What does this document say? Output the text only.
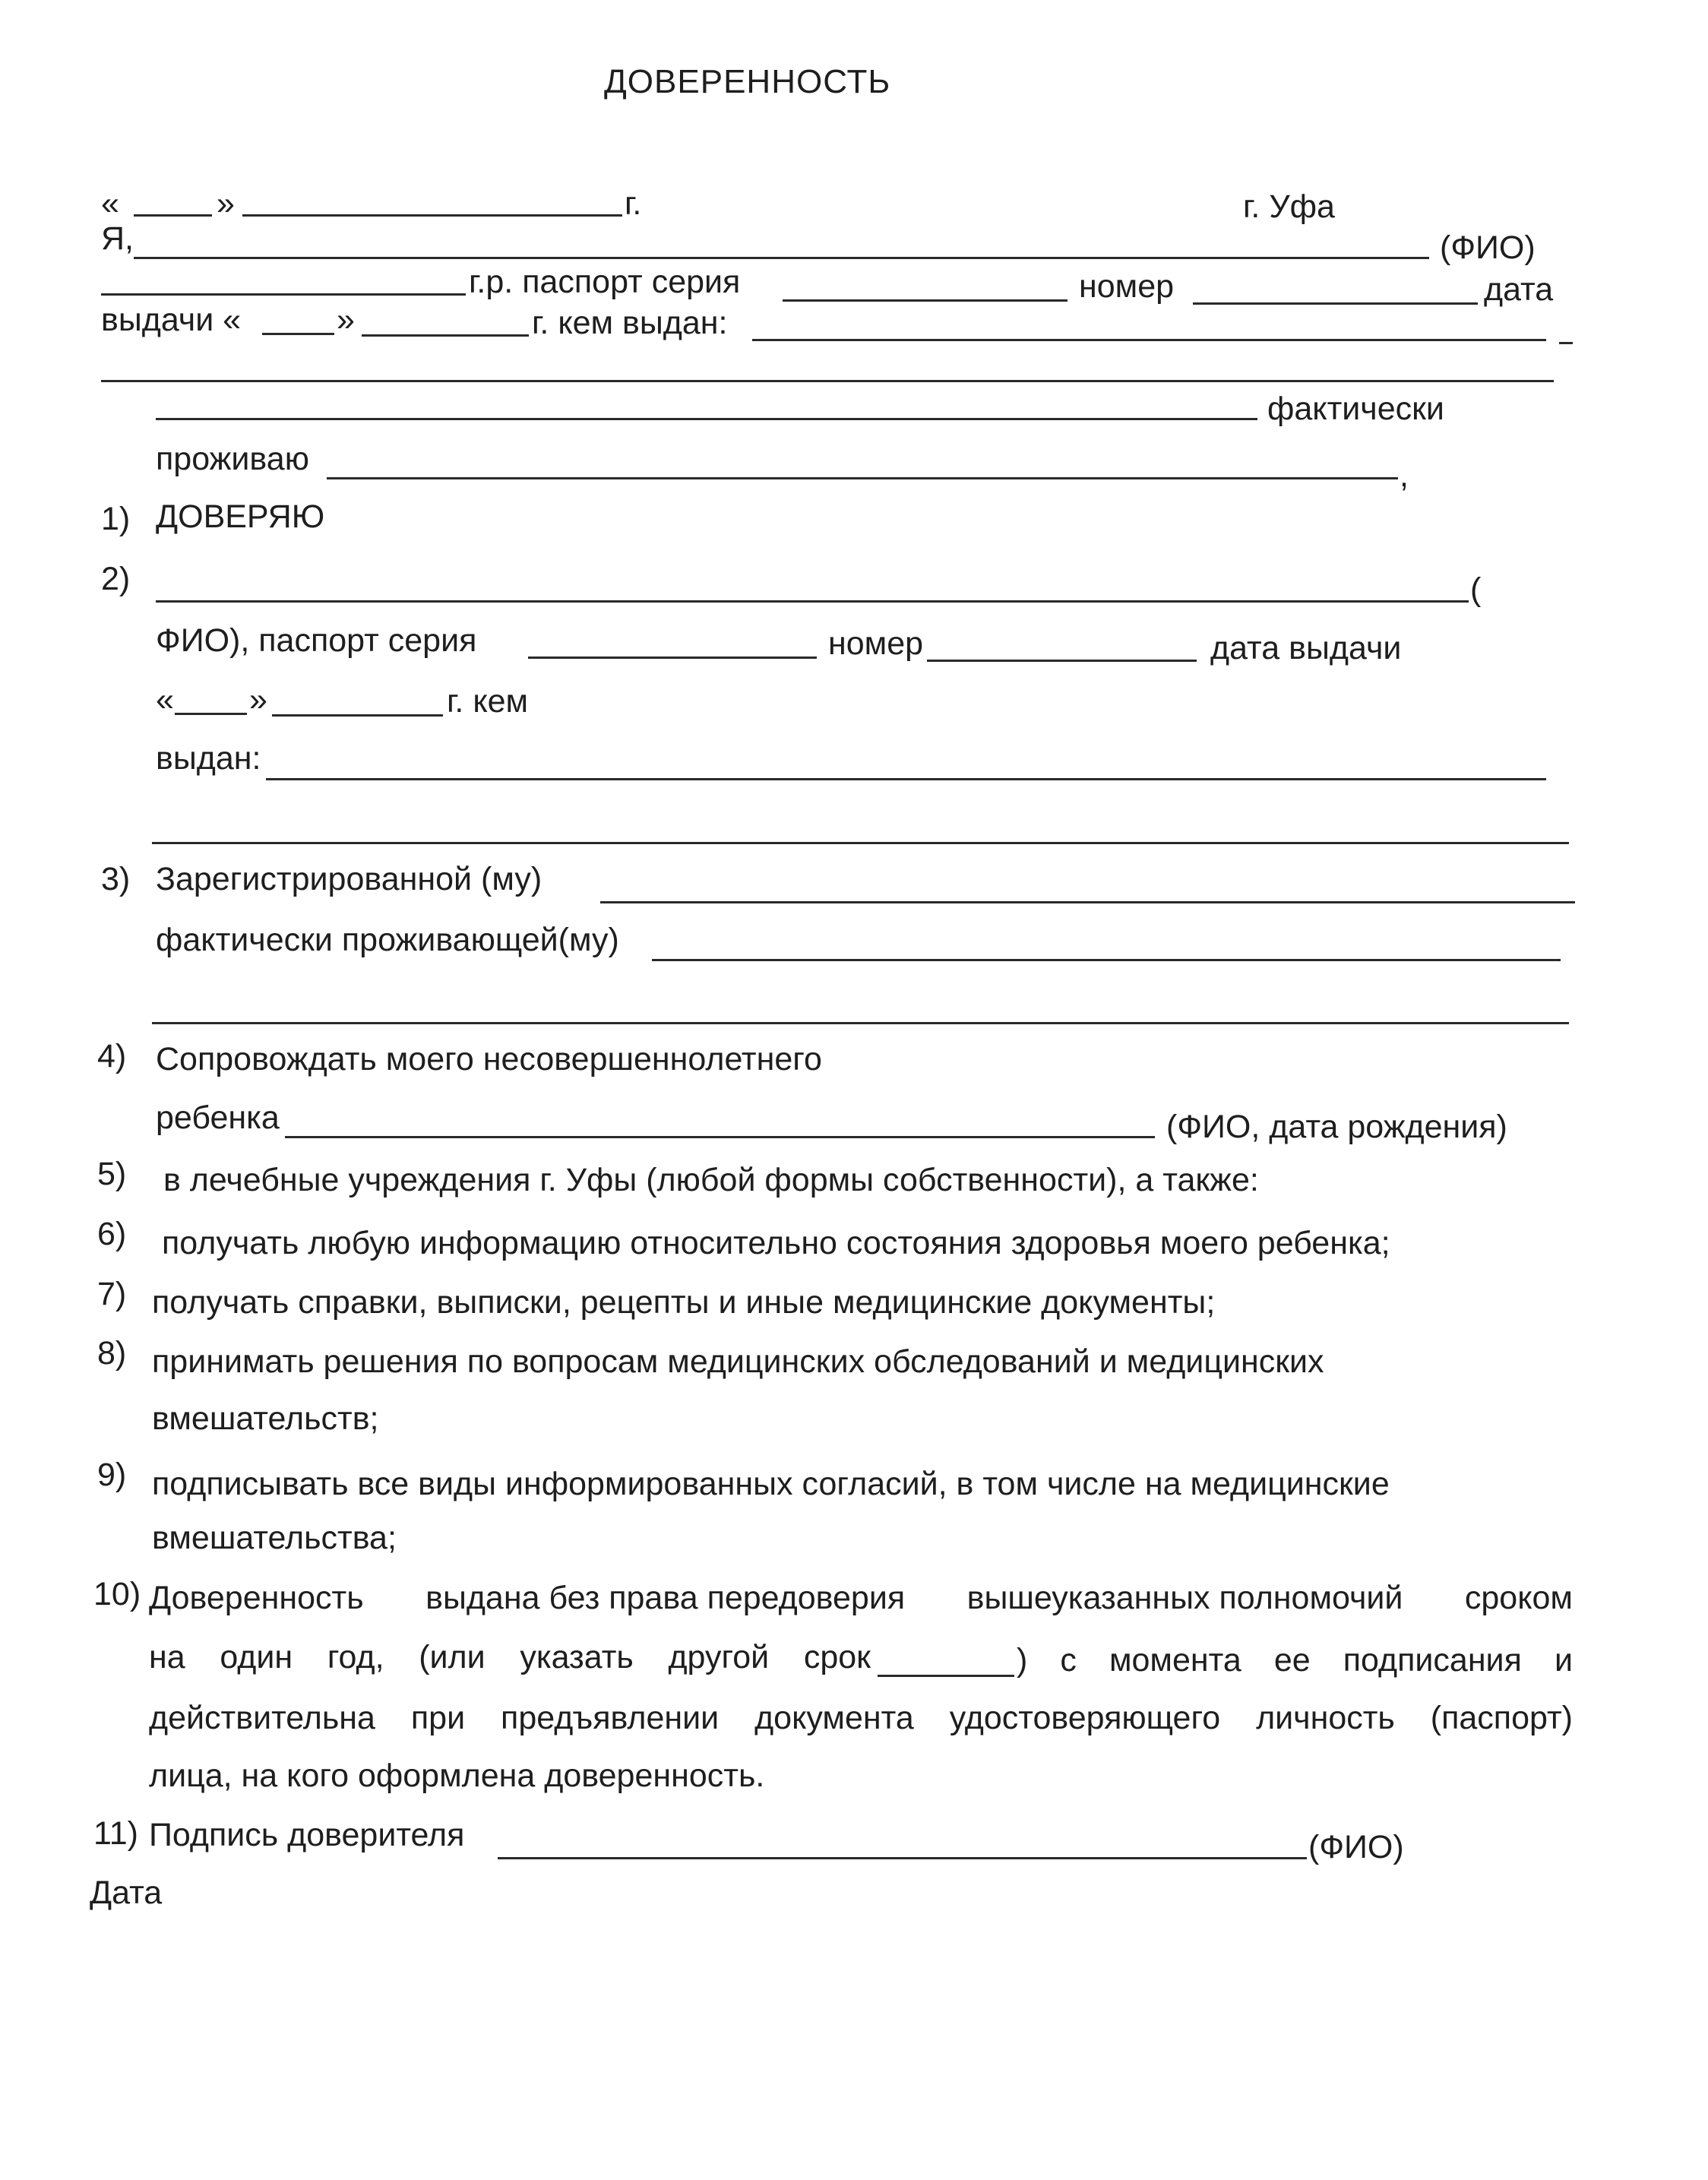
ДОВЕРЕННОСТЬ
«	»	г.	г. Уфа
Я,	(ФИО)
г.р. паспорт серия	номер	дата
выдачи «	»	г. кем выдан:
фактически
проживаю	,
1) ДОВЕРЯЮ
2)	(
ФИО), паспорт серия	номер	дата выдачи
« »	г. кем
выдан:
3) Зарегистрированной (му)
фактически проживающей(му)
4) Сопровождать моего несовершеннолетнего
ребенка	(ФИО, дата рождения)
5) в лечебные учреждения г. Уфы (любой формы собственности), а также:
6) получать любую информацию относительно состояния здоровья моего ребенка;
7) получать справки, выписки, рецепты и иные медицинские документы;
8) принимать решения по вопросам медицинских обследований и медицинских
вмешательств;
9) подписывать все виды информированных согласий, в том числе на медицинские
вмешательства;
10) Доверенность выдана без права передоверия вышеуказанных полномочий сроком
на один год, (или указать другой срок	) с момента ее подписания и
действительна при предъявлении документа удостоверяющего личность (паспорт)
лица, на кого оформлена доверенность.
11) Подпись доверителя	(ФИО)
Дата
